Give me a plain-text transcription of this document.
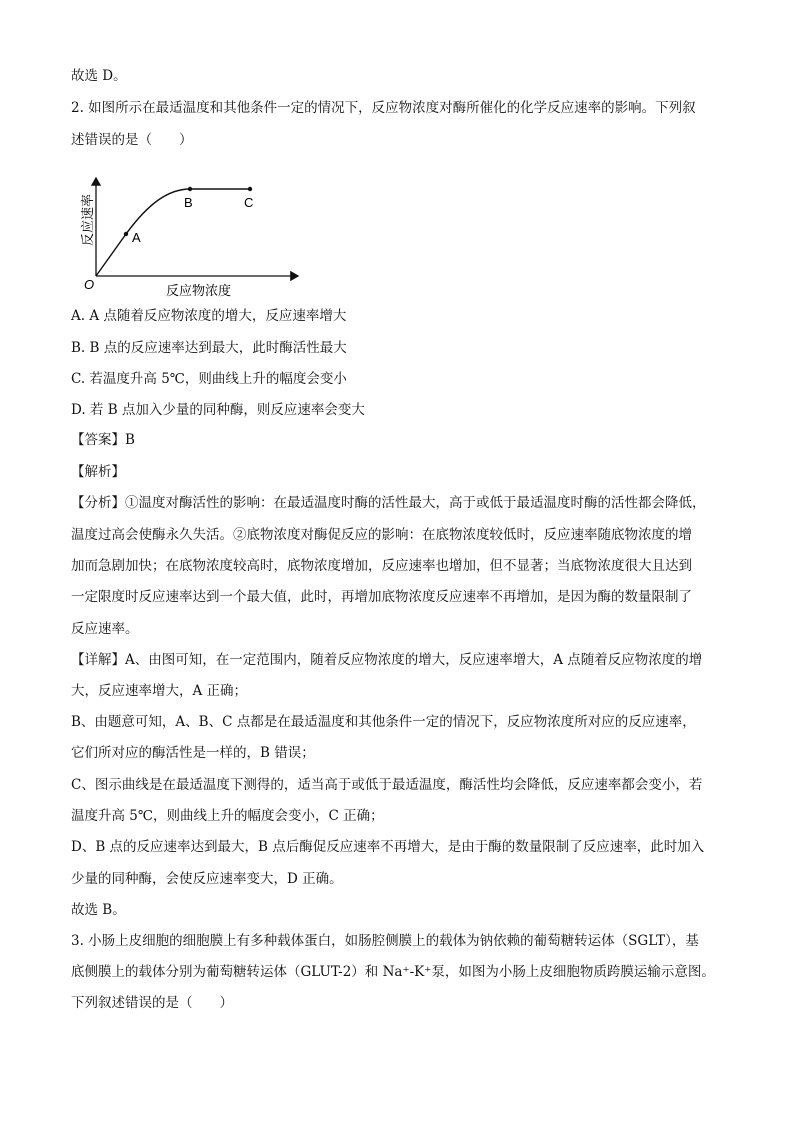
故选 D。
2. 如图所示在最适温度和其他条件一定的情况下，反应物浓度对酶所催化的化学反应速率的影响。下列叙
述错误的是（　　）
A
B	C
O	反应物浓度
反应速率
A. A 点随着反应物浓度的增大，反应速率增大
B. B 点的反应速率达到最大，此时酶活性最大
C. 若温度升高 5℃，则曲线上升的幅度会变小
D. 若 B 点加入少量的同种酶，则反应速率会变大
【答案】B
【解析】
【分析】①温度对酶活性的影响：在最适温度时酶的活性最大，高于或低于最适温度时酶的活性都会降低，
温度过高会使酶永久失活。②底物浓度对酶促反应的影响：在底物浓度较低时，反应速率随底物浓度的增
加而急剧加快；在底物浓度较高时，底物浓度增加，反应速率也增加，但不显著；当底物浓度很大且达到
一定限度时反应速率达到一个最大值，此时，再增加底物浓度反应速率不再增加，是因为酶的数量限制了
反应速率。
【详解】A、由图可知，在一定范围内，随着反应物浓度的增大，反应速率增大，A 点随着反应物浓度的增
大，反应速率增大，A 正确；
B、由题意可知，A、B、C 点都是在最适温度和其他条件一定的情况下，反应物浓度所对应的反应速率，
它们所对应的酶活性是一样的，B 错误；
C、图示曲线是在最适温度下测得的，适当高于或低于最适温度，酶活性均会降低，反应速率都会变小，若
温度升高 5℃，则曲线上升的幅度会变小，C 正确；
D、B 点的反应速率达到最大，B 点后酶促反应速率不再增大，是由于酶的数量限制了反应速率，此时加入
少量的同种酶，会使反应速率变大，D 正确。
故选 B。
3. 小肠上皮细胞的细胞膜上有多种载体蛋白，如肠腔侧膜上的载体为钠依赖的葡萄糖转运体（SGLT），基
底侧膜上的载体分别为葡萄糖转运体（GLUT-2）和 Na⁺-K⁺泵，如图为小肠上皮细胞物质跨膜运输示意图。
下列叙述错误的是（　　）
